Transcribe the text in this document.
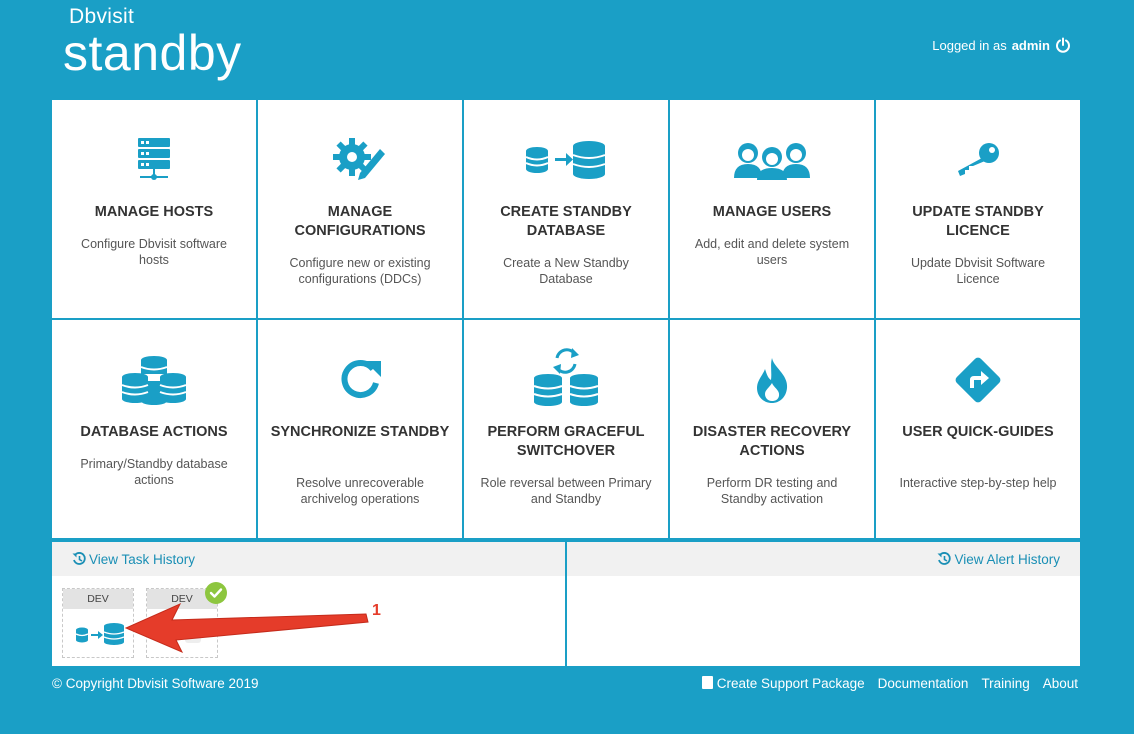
Dbvisit
standby	Logged in as admin
MANAGE HOSTS
Configure Dbvisit software hosts
MANAGE CONFIGURATIONS
Configure new or existing configurations (DDCs)
CREATE STANDBY DATABASE
Create a New Standby Database
MANAGE USERS
Add, edit and delete system users
UPDATE STANDBY LICENCE
Update Dbvisit Software Licence
DATABASE ACTIONS
Primary/Standby database actions
SYNCHRONIZE STANDBY
Resolve unrecoverable archivelog operations
PERFORM GRACEFUL SWITCHOVER
Role reversal between Primary and Standby
DISASTER RECOVERY ACTIONS
Perform DR testing and Standby activation
USER QUICK-GUIDES
Interactive step-by-step help
View Task History	View Alert History
DEV	DEV
1
© Copyright Dbvisit Software 2019	Create Support Package Documentation Training About
